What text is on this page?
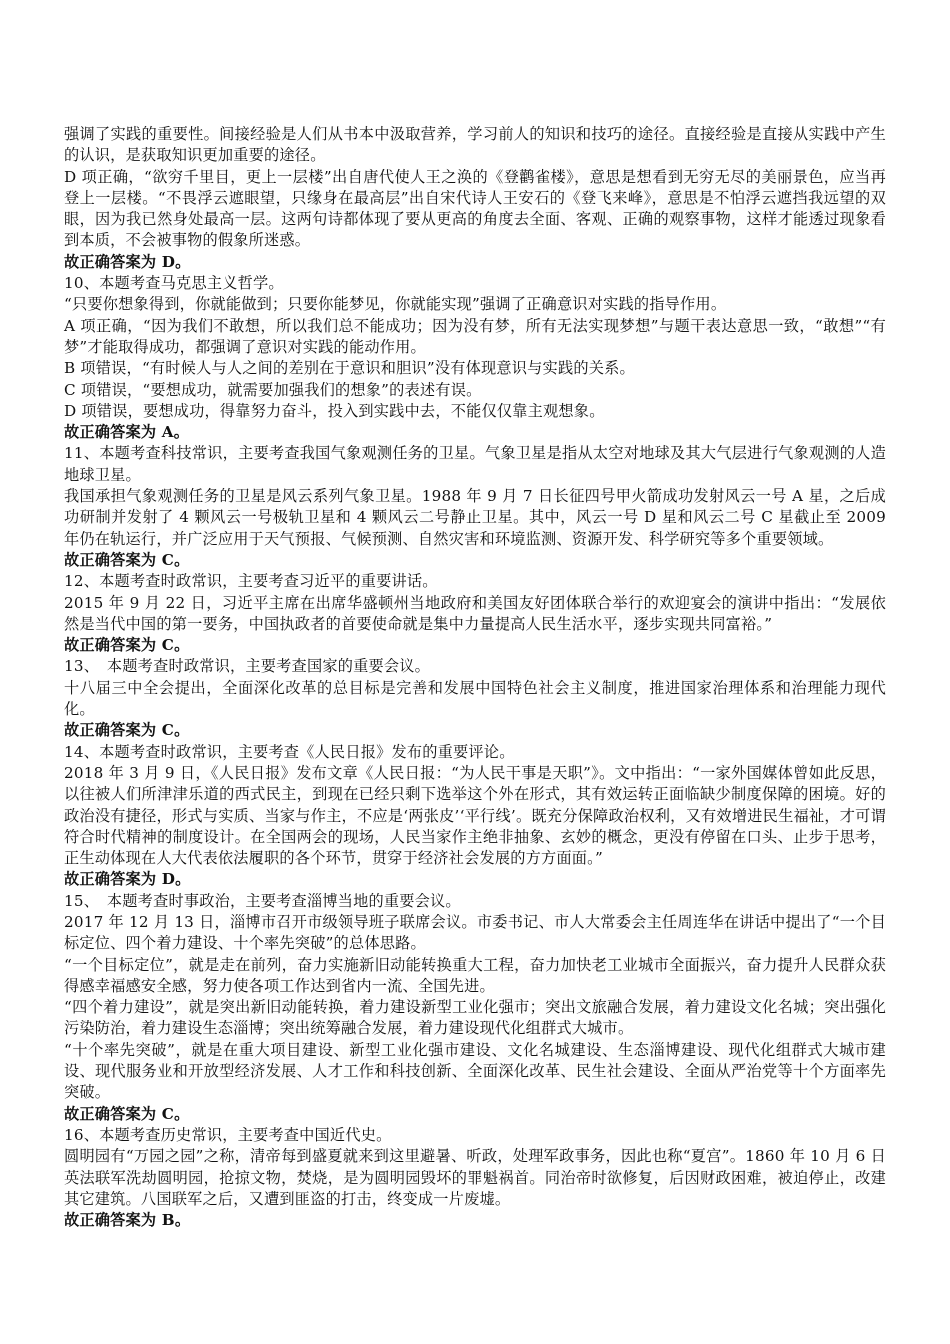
强调了实践的重要性。间接经验是人们从书本中汲取营养，学习前人的知识和技巧的途径。直接经验是直接从实践中产生的认识，是获取知识更加重要的途径。

D 项正确，“欲穷千里目，更上一层楼”出自唐代使人王之涣的《登鹳雀楼》，意思是想看到无穷无尽的美丽景色，应当再登上一层楼。“不畏浮云遮眼望，只缘身在最高层”出自宋代诗人王安石的《登飞来峰》，意思是不怕浮云遮挡我远望的双眼，因为我已然身处最高一层。这两句诗都体现了要从更高的角度去全面、客观、正确的观察事物，这样才能透过现象看到本质，不会被事物的假象所迷惑。

故正确答案为 D。

10、本题考查马克思主义哲学。

“只要你想象得到，你就能做到；只要你能梦见，你就能实现”强调了正确意识对实践的指导作用。

A 项正确，“因为我们不敢想，所以我们总不能成功；因为没有梦，所有无法实现梦想”与题干表达意思一致，“敢想”“有梦”才能取得成功，都强调了意识对实践的能动作用。

B 项错误，“有时候人与人之间的差别在于意识和胆识”没有体现意识与实践的关系。

C 项错误，“要想成功，就需要加强我们的想象”的表述有误。

D 项错误，要想成功，得靠努力奋斗，投入到实践中去，不能仅仅靠主观想象。

故正确答案为 A。

11、本题考查科技常识，主要考查我国气象观测任务的卫星。气象卫星是指从太空对地球及其大气层进行气象观测的人造地球卫星。

我国承担气象观测任务的卫星是风云系列气象卫星。1988 年 9 月 7 日长征四号甲火箭成功发射风云一号 A 星，之后成功研制并发射了 4 颗风云一号极轨卫星和 4 颗风云二号静止卫星。其中，风云一号 D 星和风云二号 C 星截止至 2009 年仍在轨运行，并广泛应用于天气预报、气候预测、自然灾害和环境监测、资源开发、科学研究等多个重要领域。

故正确答案为 C。

12、本题考查时政常识，主要考查习近平的重要讲话。

2015 年 9 月 22 日，习近平主席在出席华盛顿州当地政府和美国友好团体联合举行的欢迎宴会的演讲中指出：“发展依然是当代中国的第一要务，中国执政者的首要使命就是集中力量提高人民生活水平，逐步实现共同富裕。”

故正确答案为 C。

13、　本题考查时政常识，主要考查国家的重要会议。

十八届三中全会提出，全面深化改革的总目标是完善和发展中国特色社会主义制度，推进国家治理体系和治理能力现代化。

故正确答案为 C。

14、本题考查时政常识，主要考查《人民日报》发布的重要评论。

2018 年 3 月 9 日，《人民日报》发布文章《人民日报：“为人民干事是天职”》。文中指出：“一家外国媒体曾如此反思，以往被人们所津津乐道的西式民主，到现在已经只剩下选举这个外在形式，其有效运转正面临缺少制度保障的困境。好的政治没有捷径，形式与实质、当家与作主，不应是‘两张皮’‘平行线’。既充分保障政治权利，又有效增进民生福祉，才可谓符合时代精神的制度设计。在全国两会的现场，人民当家作主绝非抽象、玄妙的概念，更没有停留在口头、止步于思考，正生动体现在人大代表依法履职的各个环节，贯穿于经济社会发展的方方面面。”

故正确答案为 D。

15、　本题考查时事政治，主要考查淄博当地的重要会议。

2017 年 12 月 13 日，淄博市召开市级领导班子联席会议。市委书记、市人大常委会主任周连华在讲话中提出了“一个目标定位、四个着力建设、十个率先突破”的总体思路。

“一个目标定位”，就是走在前列，奋力实施新旧动能转换重大工程，奋力加快老工业城市全面振兴，奋力提升人民群众获得感幸福感安全感，努力使各项工作达到省内一流、全国先进。

“四个着力建设”，就是突出新旧动能转换，着力建设新型工业化强市；突出文旅融合发展，着力建设文化名城；突出强化污染防治，着力建设生态淄博；突出统筹融合发展，着力建设现代化组群式大城市。

“十个率先突破”，就是在重大项目建设、新型工业化强市建设、文化名城建设、生态淄博建设、现代化组群式大城市建设、现代服务业和开放型经济发展、人才工作和科技创新、全面深化改革、民生社会建设、全面从严治党等十个方面率先突破。

故正确答案为 C。

16、本题考查历史常识，主要考查中国近代史。

圆明园有“万园之园”之称，清帝每到盛夏就来到这里避暑、听政，处理军政事务，因此也称“夏宫”。1860 年 10 月 6 日英法联军洗劫圆明园，抢掠文物，焚烧，是为圆明园毁坏的罪魁祸首。同治帝时欲修复，后因财政困难，被迫停止，改建其它建筑。八国联军之后，又遭到匪盗的打击，终变成一片废墟。

故正确答案为 B。
